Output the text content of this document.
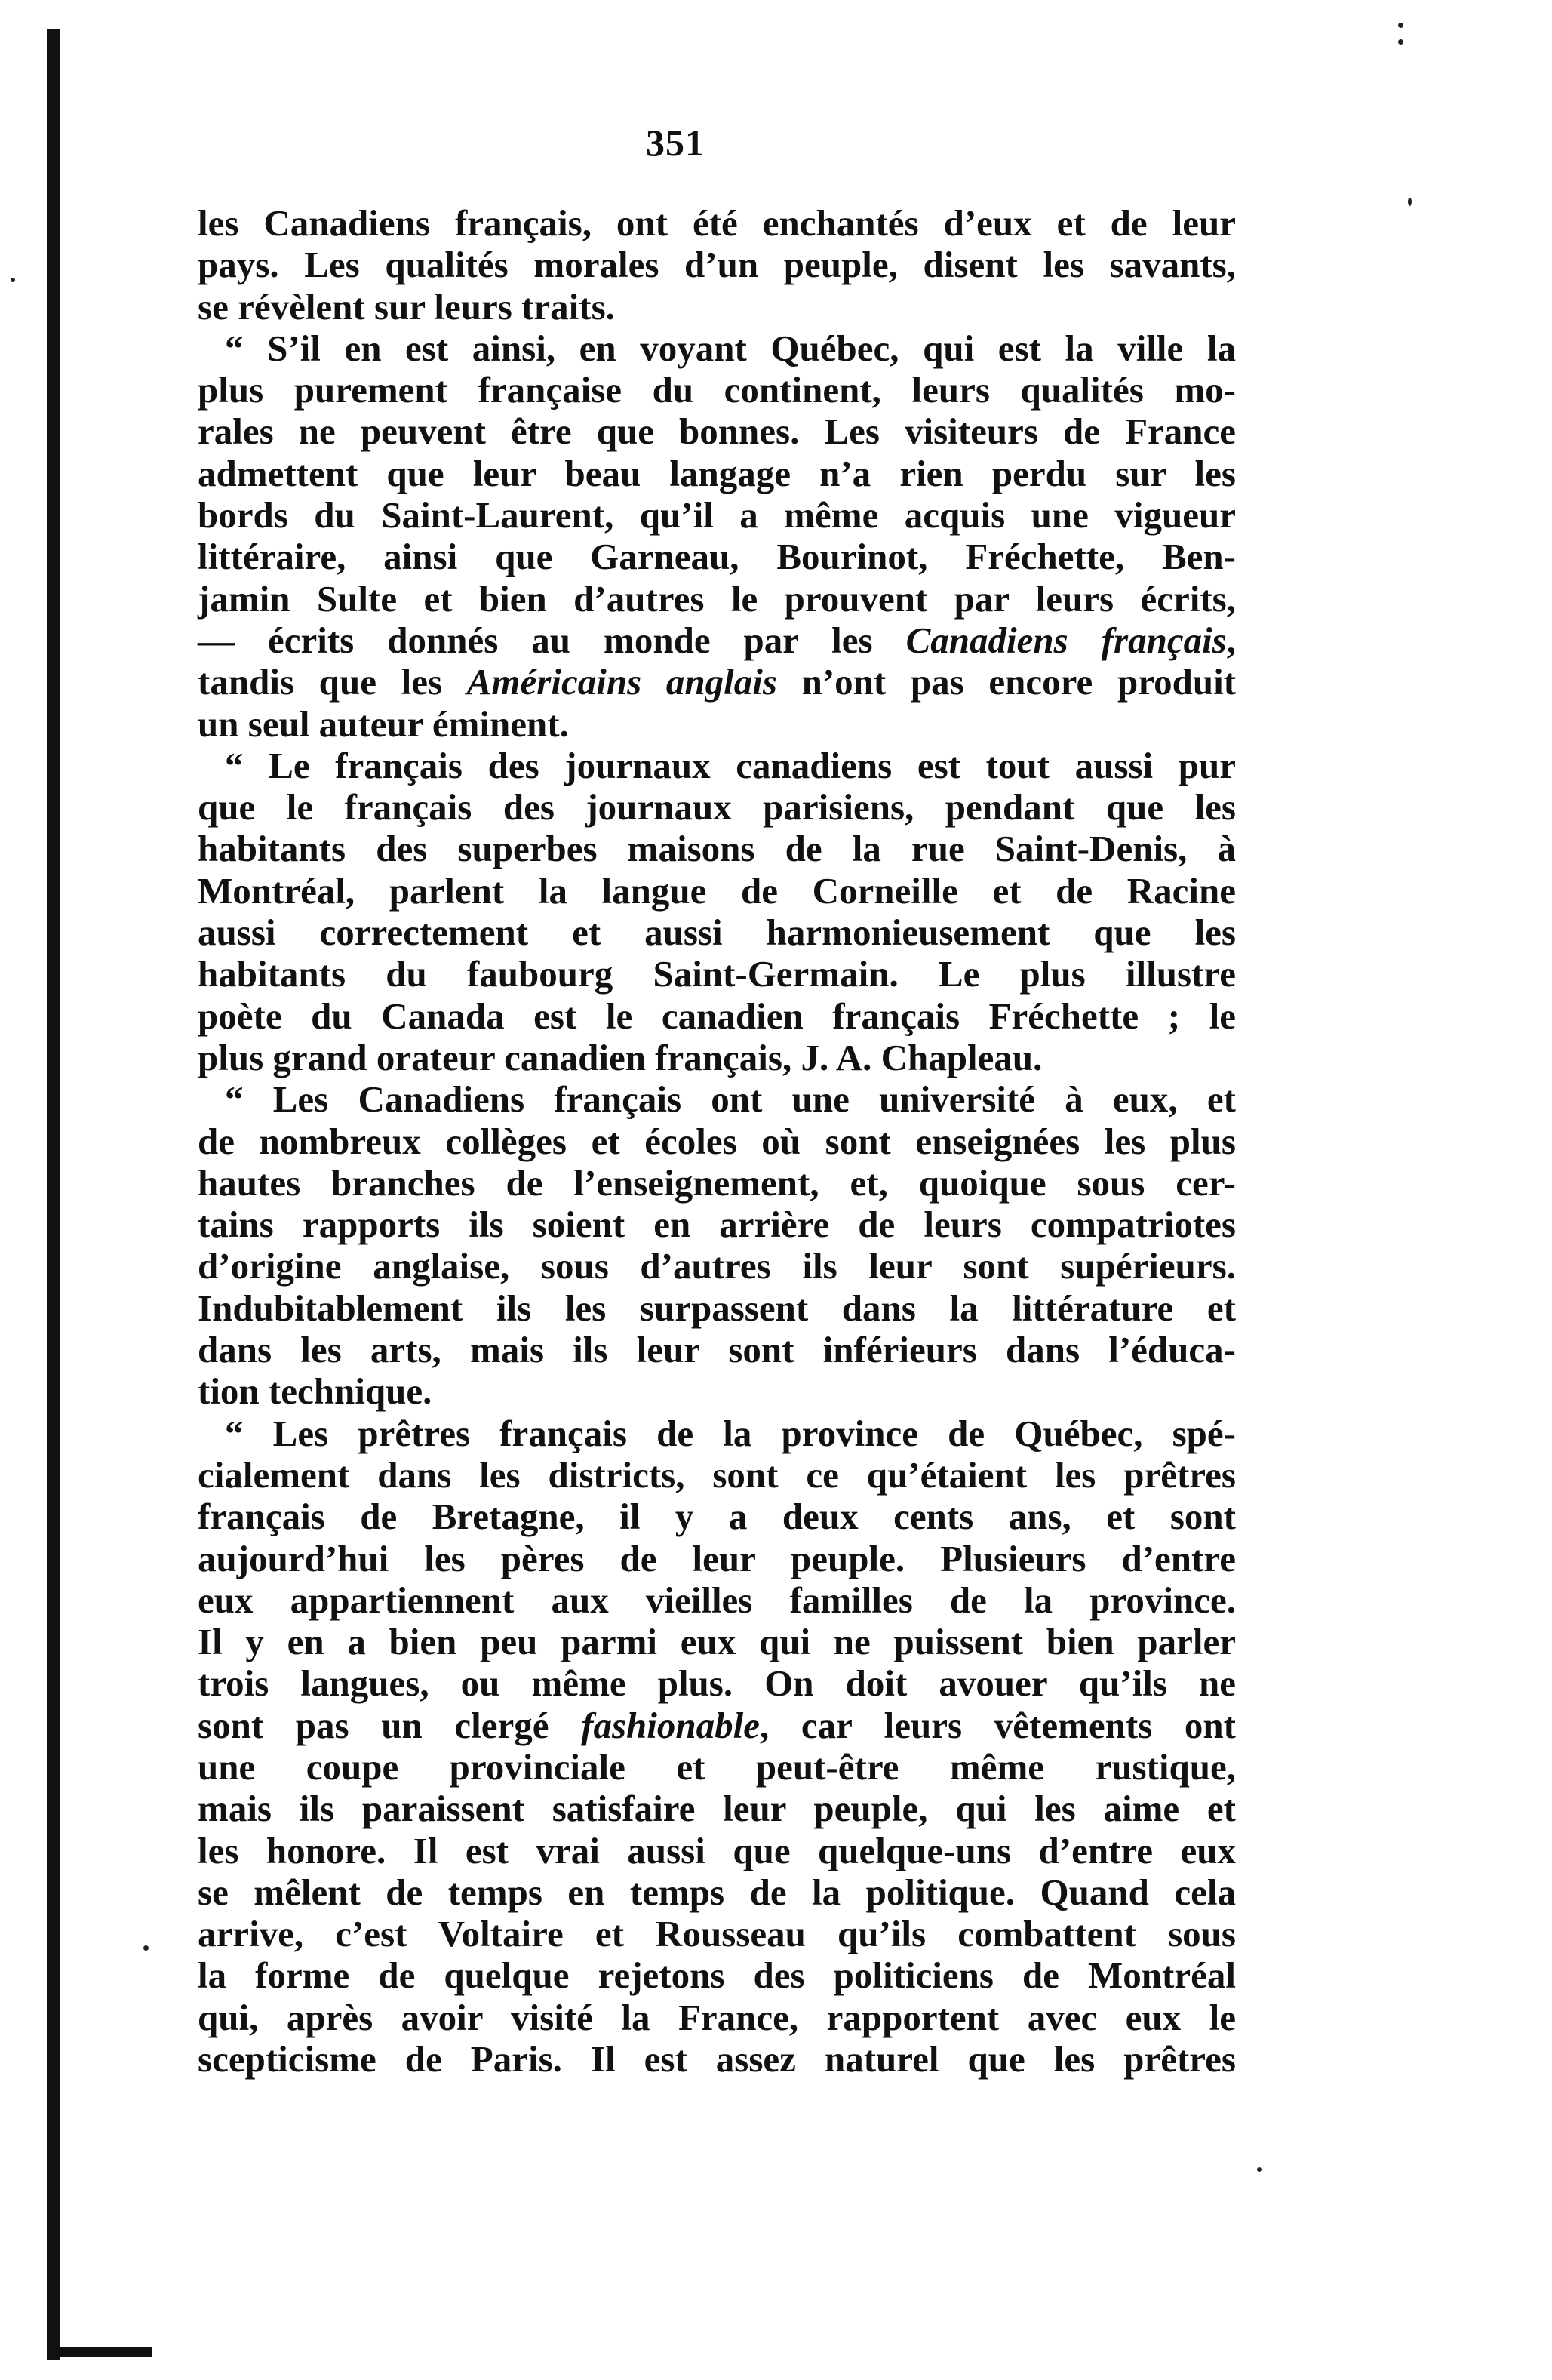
351
les Canadiens français, ont été enchantés d’eux et de leur
pays. Les qualités morales d’un peuple, disent les savants,
se révèlent sur leurs traits.
“ S’il en est ainsi, en voyant Québec, qui est la ville la
plus purement française du continent, leurs qualités mo-
rales ne peuvent être que bonnes. Les visiteurs de France
admettent que leur beau langage n’a rien perdu sur les
bords du Saint-Laurent, qu’il a même acquis une vigueur
littéraire, ainsi que Garneau, Bourinot, Fréchette, Ben-
jamin Sulte et bien d’autres le prouvent par leurs écrits,
— écrits donnés au monde par les Canadiens français,
tandis que les Américains anglais n’ont pas encore produit
un seul auteur éminent.
“ Le français des journaux canadiens est tout aussi pur
que le français des journaux parisiens, pendant que les
habitants des superbes maisons de la rue Saint-Denis, à
Montréal, parlent la langue de Corneille et de Racine
aussi correctement et aussi harmonieusement que les
habitants du faubourg Saint-Germain. Le plus illustre
poète du Canada est le canadien français Fréchette ; le
plus grand orateur canadien français, J. A. Chapleau.
“ Les Canadiens français ont une université à eux, et
de nombreux collèges et écoles où sont enseignées les plus
hautes branches de l’enseignement, et, quoique sous cer-
tains rapports ils soient en arrière de leurs compatriotes
d’origine anglaise, sous d’autres ils leur sont supérieurs.
Indubitablement ils les surpassent dans la littérature et
dans les arts, mais ils leur sont inférieurs dans l’éduca-
tion technique.
“ Les prêtres français de la province de Québec, spé-
cialement dans les districts, sont ce qu’étaient les prêtres
français de Bretagne, il y a deux cents ans, et sont
aujourd’hui les pères de leur peuple. Plusieurs d’entre
eux appartiennent aux vieilles familles de la province.
Il y en a bien peu parmi eux qui ne puissent bien parler
trois langues, ou même plus. On doit avouer qu’ils ne
sont pas un clergé fashionable, car leurs vêtements ont
une coupe provinciale et peut-être même rustique,
mais ils paraissent satisfaire leur peuple, qui les aime et
les honore. Il est vrai aussi que quelque-uns d’entre eux
se mêlent de temps en temps de la politique. Quand cela
arrive, c’est Voltaire et Rousseau qu’ils combattent sous
la forme de quelque rejetons des politiciens de Montréal
qui, après avoir visité la France, rapportent avec eux le
scepticisme de Paris. Il est assez naturel que les prêtres
